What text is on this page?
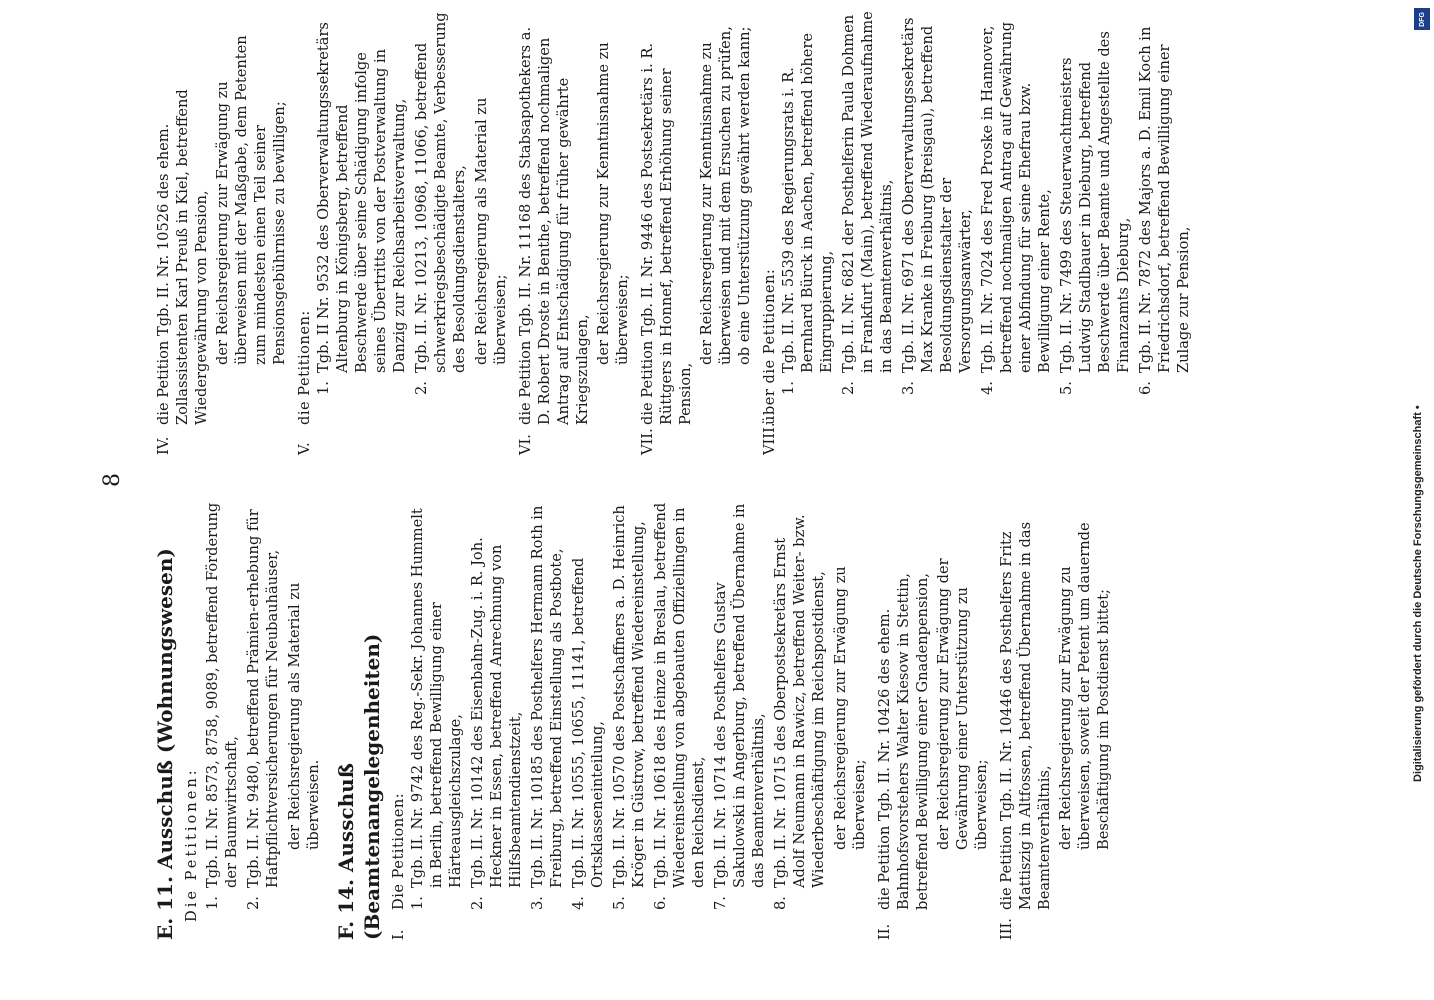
8
E. 11. Ausschuß (Wohnungswesen) Die Petitionen: 1.
Tgb. II. Nr. 8573, 8758, 9089, betreffend Förderung der Baumwirtschaft,
2.
Tgb. II. Nr. 9480, betreffend Prämien-erhebung für Haftpflichtversicherungen für Neubauhäuser, der Reichsregierung als Material zu überweisen. F. 14. Ausschuß (Beamtenangelegenheiten) I.
Die Petitionen: 1.
Tgb. II. Nr. 9742 des Reg.-Sekr. Johannes Hummelt in Berlin, betreffend Bewilligung einer Härteausgleichszulage,
2.
Tgb. II. Nr. 10142 des Eisenbahn-Zug. i. R. Joh. Heckner in Essen, betreffend Anrechnung von Hilfsbeamtendienstzeit,
3.
Tgb. II. Nr. 10185 des Posthelfers Hermann Roth in Freiburg, betreffend Einstellung als Postbote,
4.
Tgb. II. Nr. 10555, 10655, 11141, betreffend Ortsklasseneinteilung,
5.
Tgb. II. Nr. 10570 des Postschaffners a. D. Heinrich Kröger in Güstrow, betreffend Wiedereinstellung,
6.
Tgb. II. Nr. 10618 des Heinze in Breslau, betreffend Wiedereinstellung von abgebauten Offiziellingen in den Reichsdienst,
7.
Tgb. II. Nr. 10714 des Posthelfers Gustav Sakulowski in Angerburg, betreffend Übernahme in das Beamtenverhältnis,
8.
Tgb. II. Nr. 10715 des Oberpostsekretärs Ernst Adolf Neumann in Rawicz, betreffend Weiter- bzw. Wiederbeschäftigung im Reichspostdienst, der Reichsregierung zur Erwägung zu überweisen;
II.
die Petition Tgb. II. Nr. 10426 des ehem. Bahnhofsvorstehers Walter Kiesow in Stettin, betreffend Bewilligung einer Gnadenpension, der Reichsregierung zur Erwägung der Gewährung einer Unterstützung zu überweisen;
III.
die Petition Tgb. II. Nr. 10446 des Posthelfers Fritz Mattiszig in Altfossen, betreffend Übernahme in das Beamtenverhältnis, der Reichsregierung zur Erwägung zu überweisen, soweit der Petent um dauernde Beschäftigung im Postdienst bittet;
IV.
die Petition Tgb. II. Nr. 10526 des ehem. Zollassistenten Karl Preuß in Kiel, betreffend Wiedergewährung von Pension, der Reichsregierung zur Erwägung zu überweisen mit der Maßgabe, dem Petenten zum mindesten einen Teil seiner Pensionsgebührnisse zu bewilligen;
V.
die Petitionen: 1.
Tgb. II Nr. 9532 des Oberverwaltungssekretärs Altenburg in Königsberg, betreffend Beschwerde über seine Schädigung infolge seines Übertritts von der Postverwaltung in Danzig zur Reichsarbeitsverwaltung,
2.
Tgb. II. Nr. 10213, 10968, 11066, betreffend schwerkriegsbeschädigte Beamte, Verbesserung des Besoldungsdienstalters, der Reichsregierung als Material zu überweisen;
VI.
die Petition Tgb. II. Nr. 11168 des Stabsapothekers a. D. Robert Droste in Benthe, betreffend nochmaligen Antrag auf Entschädigung für früher gewährte Kriegszulagen,
der Reichsregierung zur Kenntnisnahme zu überweisen;
VII.
die Petition Tgb. II. Nr. 9446 des Postsekretärs i. R. Rüttgers in Honnef, betreffend Erhöhung seiner Pension,
der Reichsregierung zur Kenntnisnahme zu überweisen und mit dem Ersuchen zu prüfen, ob eine Unterstützung gewährt werden kann;
VIII.
über die Petitionen: 1.
Tgb. II. Nr. 5539 des Regierungsrats i. R. Bernhard Bürck in Aachen, betreffend höhere Eingruppierung,
2.
Tgb. II. Nr. 6821 der Posthelferin Paula Dohmen in Frankfurt (Main), betreffend Wiederaufnahme in das Beamtenverhältnis,
3.
Tgb. II. Nr. 6971 des Oberverwaltungssekretärs Max Kranke in Freiburg (Breisgau), betreffend Besoldungsdienstalter der Versorgungsanwärter,
4.
Tgb. II. Nr. 7024 des Fred Proske in Hannover, betreffend nochmaligen Antrag auf Gewährung einer Abfindung für seine Ehefrau bzw. Bewilligung einer Rente,
5.
Tgb. II. Nr. 7499 des Steuerwachtmeisters Ludwig Stadlbauer in Dieburg, betreffend Beschwerde über Beamte und Angestellte des Finanzamts Dieburg,
6.
Tgb. II. Nr. 7872 des Majors a. D. Emil Koch in Friedrichsdorf, betreffend Bewilligung einer Zulage zur Pension,
Digitalisierung gefördert durch die Deutsche Forschungsgemeinschaft •
DFG
